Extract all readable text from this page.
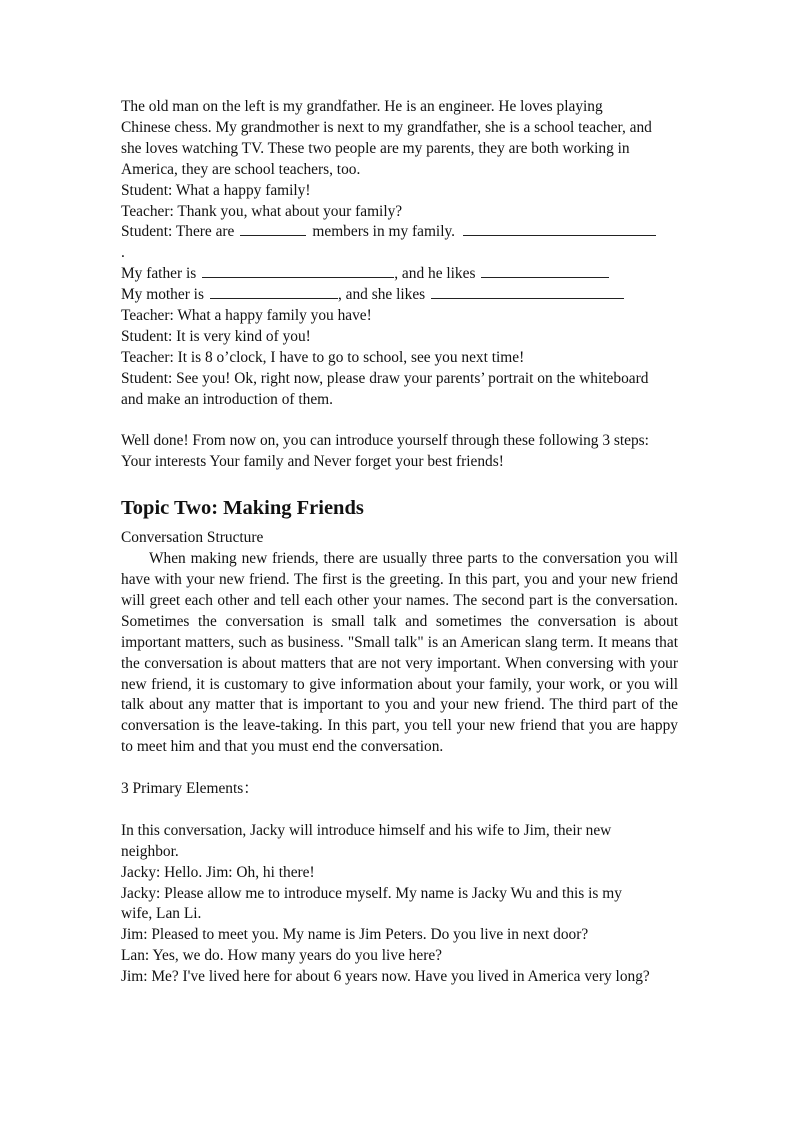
The old man on the left is my grandfather. He is an engineer. He loves playing

Chinese chess. My grandmother is next to my grandfather, she is a school teacher, and

she loves watching TV. These two people are my parents, they are both working in

America, they are school teachers, too.

Student: What a happy family!

Teacher: Thank you, what about your family?

Student: There are	members in my family.

.

My father is	, and he likes

My mother is	, and she likes

Teacher: What a happy family you have!

Student: It is very kind of you!

Teacher: It is 8 o’clock, I have to go to school, see you next time!

Student: See you! Ok, right now, please draw your parents’ portrait on the whiteboard

and make an introduction of them.

Well done! From now on, you can introduce yourself through these following 3 steps:

Your interests Your family and Never forget your best friends!

Topic Two: Making Friends

Conversation Structure

When making new friends, there are usually three parts to the conversation you will have with your new friend. The first is the greeting. In this part, you and your new friend will greet each other and tell each other your names. The second part is the conversation. Sometimes the conversation is small talk and sometimes the conversation is about important matters, such as business. "Small talk" is an American slang term. It means that the conversation is about matters that are not very important. When conversing with your new friend, it is customary to give information about your family, your work, or you will talk about any matter that is important to you and your new friend. The third part of the conversation is the leave-taking. In this part, you tell your new friend that you are happy to meet him and that you must end the conversation.

3 Primary Elements：

In this conversation, Jacky will introduce himself and his wife to Jim, their new

neighbor.

Jacky: Hello. Jim: Oh, hi there!

Jacky: Please allow me to introduce myself. My name is Jacky Wu and this is my

wife, Lan Li.

Jim: Pleased to meet you. My name is Jim Peters. Do you live in next door?

Lan: Yes, we do. How many years do you live here?

Jim: Me? I've lived here for about 6 years now. Have you lived in America very long?
